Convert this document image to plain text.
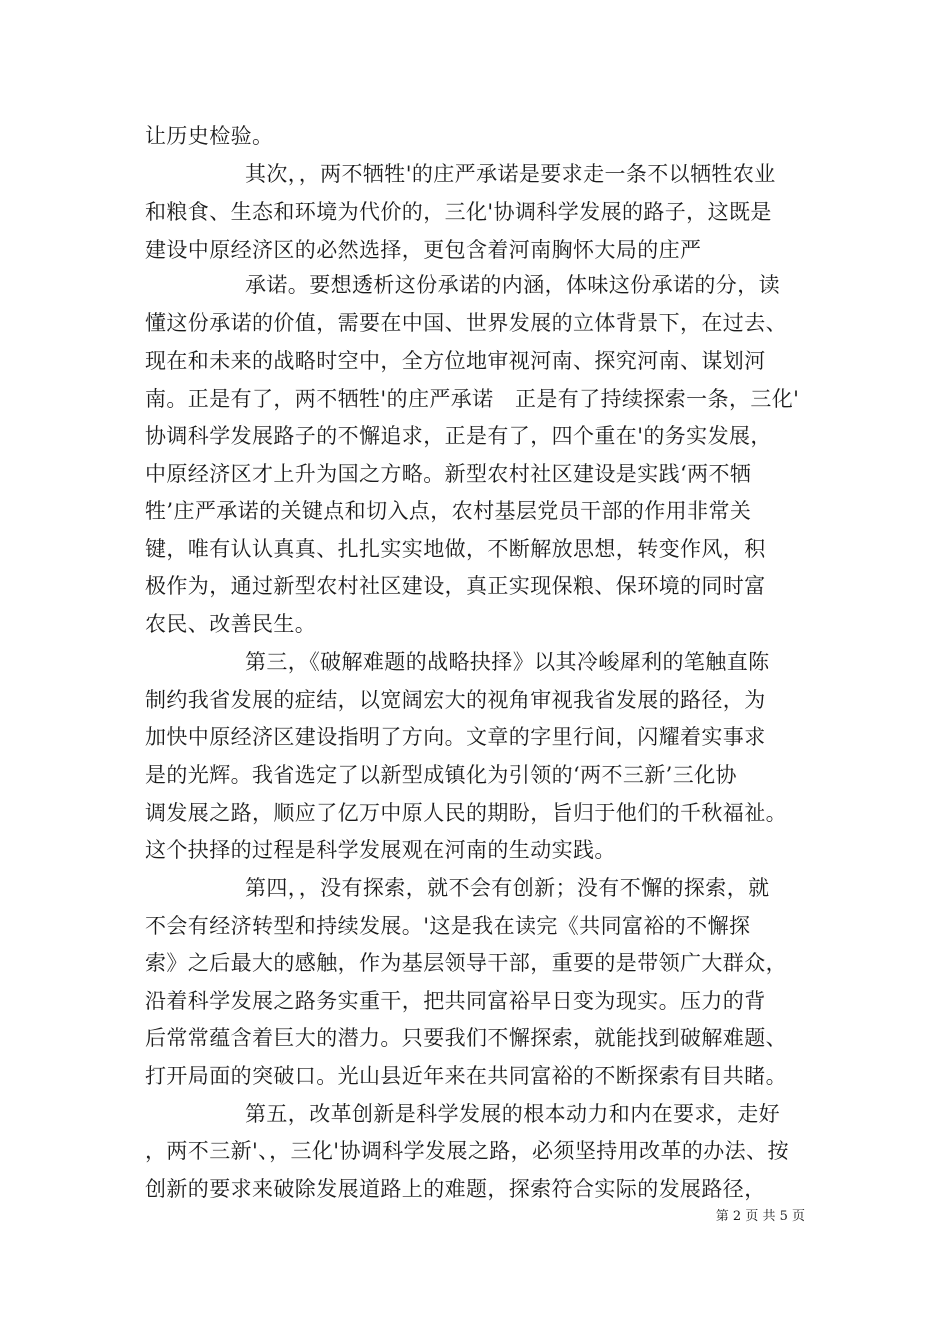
让历史检验。
其次，，两不牺牲'的庄严承诺是要求走一条不以牺牲农业
和粮食、生态和环境为代价的，三化'协调科学发展的路子，这既是
建设中原经济区的必然选择，更包含着河南胸怀大局的庄严
承诺。要想透析这份承诺的内涵，体味这份承诺的分，读
懂这份承诺的价值，需要在中国、世界发展的立体背景下，在过去、
现在和未来的战略时空中，全方位地审视河南、探究河南、谋划河
南。正是有了，两不牺牲'的庄严承诺　正是有了持续探索一条，三化'
协调科学发展路子的不懈追求，正是有了，四个重在'的务实发展，
中原经济区才上升为国之方略。新型农村社区建设是实践‘两不牺
牲’庄严承诺的关键点和切入点，农村基层党员干部的作用非常关
键，唯有认认真真、扎扎实实地做，不断解放思想，转变作风，积
极作为，通过新型农村社区建设，真正实现保粮、保环境的同时富
农民、改善民生。
第三，《破解难题的战略抉择》以其冷峻犀利的笔触直陈
制约我省发展的症结，以宽阔宏大的视角审视我省发展的路径，为
加快中原经济区建设指明了方向。文章的字里行间，闪耀着实事求
是的光辉。我省选定了以新型成镇化为引领的‘两不三新’三化协
调发展之路，顺应了亿万中原人民的期盼，旨归于他们的千秋福祉。
这个抉择的过程是科学发展观在河南的生动实践。
第四，，没有探索，就不会有创新；没有不懈的探索，就
不会有经济转型和持续发展。'这是我在读完《共同富裕的不懈探
索》之后最大的感触，作为基层领导干部，重要的是带领广大群众，
沿着科学发展之路务实重干，把共同富裕早日变为现实。压力的背
后常常蕴含着巨大的潜力。只要我们不懈探索，就能找到破解难题、
打开局面的突破口。光山县近年来在共同富裕的不断探索有目共睹。
第五，改革创新是科学发展的根本动力和内在要求，走好
，两不三新'、，三化'协调科学发展之路，必须坚持用改革的办法、按
创新的要求来破除发展道路上的难题，探索符合实际的发展路径，
第 2 页 共 5 页
